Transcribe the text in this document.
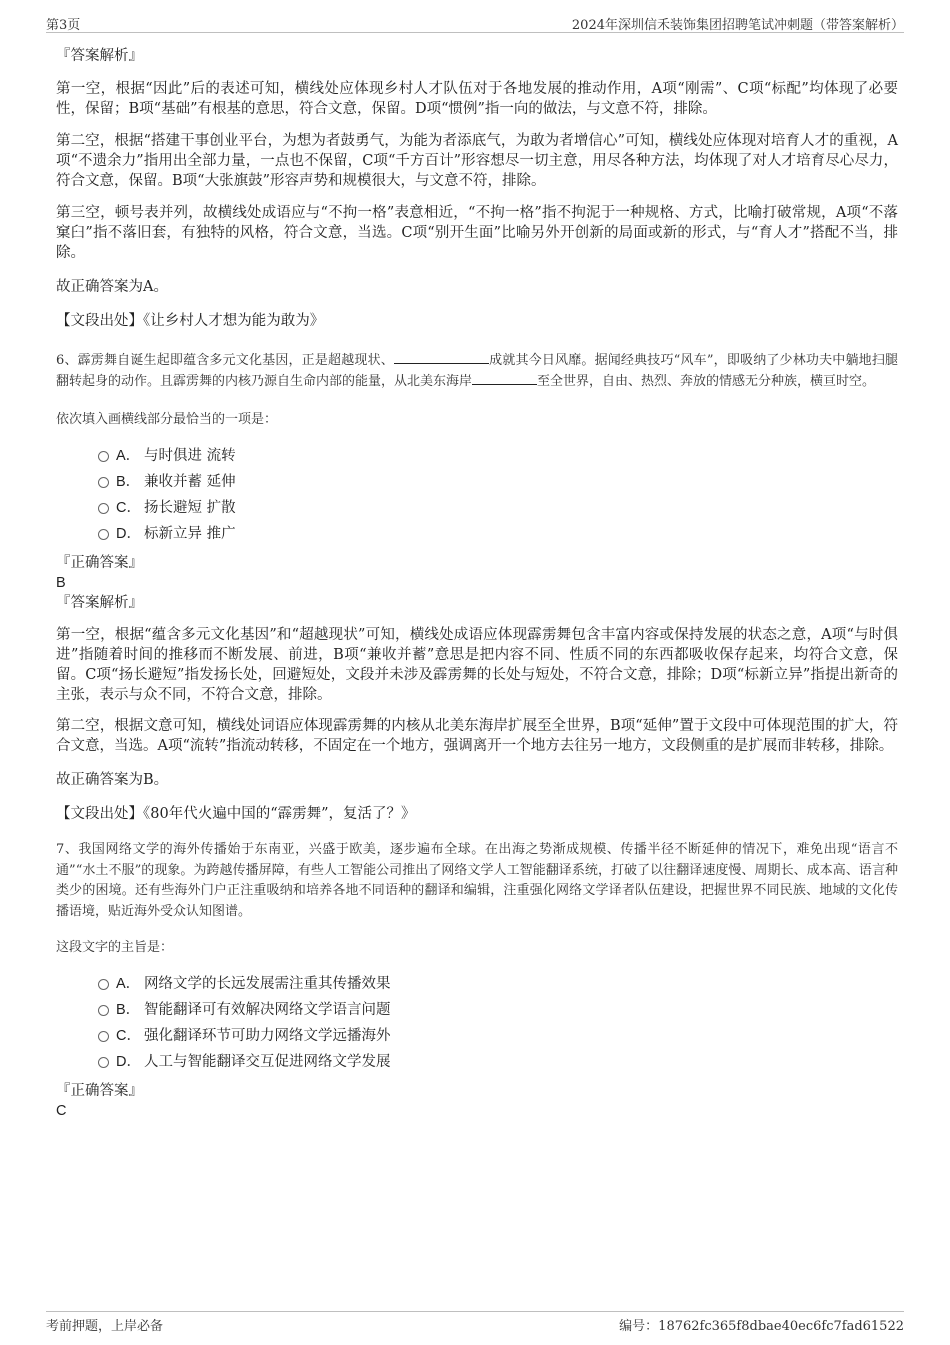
第3页	2024年深圳信禾装饰集团招聘笔试冲刺题（带答案解析）

『答案解析』

第一空，根据“因此”后的表述可知，横线处应体现乡村人才队伍对于各地发展的推动作用，A项“刚需”、C项“标配”均体现了必要性，保留；B项“基础”有根基的意思，符合文意，保留。D项“惯例”指一向的做法，与文意不符，排除。

第二空，根据“搭建干事创业平台，为想为者鼓勇气，为能为者添底气，为敢为者增信心”可知，横线处应体现对培育人才的重视，A项“不遗余力”指用出全部力量，一点也不保留，C项“千方百计”形容想尽一切主意，用尽各种方法，均体现了对人才培育尽心尽力，符合文意，保留。B项“大张旗鼓”形容声势和规模很大，与文意不符，排除。

第三空，顿号表并列，故横线处成语应与“不拘一格”表意相近，“不拘一格”指不拘泥于一种规格、方式，比喻打破常规，A项“不落窠臼”指不落旧套，有独特的风格，符合文意，当选。C项“别开生面”比喻另外开创新的局面或新的形式，与“育人才”搭配不当，排除。

故正确答案为A。

【文段出处】《让乡村人才想为能为敢为》

6、霹雳舞自诞生起即蕴含多元文化基因，正是超越现状、	成就其今日风靡。据闻经典技巧“风车”，即吸纳了少林功夫中躺地扫腿翻转起身的动作。且霹雳舞的内核乃源自生命内部的能量，从北美东海岸	至全世界，自由、热烈、奔放的情感无分种族，横亘时空。

依次填入画横线部分最恰当的一项是：

A． 与时俱进 流转
B． 兼收并蓄 延伸
C． 扬长避短 扩散
D． 标新立异 推广

『正确答案』

B

『答案解析』

第一空，根据“蕴含多元文化基因”和“超越现状”可知，横线处成语应体现霹雳舞包含丰富内容或保持发展的状态之意，A项“与时俱进”指随着时间的推移而不断发展、前进，B项“兼收并蓄”意思是把内容不同、性质不同的东西都吸收保存起来，均符合文意，保留。C项“扬长避短”指发扬长处，回避短处，文段并未涉及霹雳舞的长处与短处，不符合文意，排除；D项“标新立异”指提出新奇的主张，表示与众不同，不符合文意，排除。

第二空，根据文意可知，横线处词语应体现霹雳舞的内核从北美东海岸扩展至全世界，B项“延伸”置于文段中可体现范围的扩大，符合文意，当选。A项“流转”指流动转移，不固定在一个地方，强调离开一个地方去往另一地方，文段侧重的是扩展而非转移，排除。

故正确答案为B。

【文段出处】《80年代火遍中国的“霹雳舞”，复活了？》

7、我国网络文学的海外传播始于东南亚，兴盛于欧美，逐步遍布全球。在出海之势渐成规模、传播半径不断延伸的情况下，难免出现“语言不通”“水土不服”的现象。为跨越传播屏障，有些人工智能公司推出了网络文学人工智能翻译系统，打破了以往翻译速度慢、周期长、成本高、语言种类少的困境。还有些海外门户正注重吸纳和培养各地不同语种的翻译和编辑，注重强化网络文学译者队伍建设，把握世界不同民族、地域的文化传播语境，贴近海外受众认知图谱。

这段文字的主旨是：

A． 网络文学的长远发展需注重其传播效果
B． 智能翻译可有效解决网络文学语言问题
C． 强化翻译环节可助力网络文学远播海外
D． 人工与智能翻译交互促进网络文学发展

『正确答案』

C

考前押题，上岸必备	编号：18762fc365f8dbae40ec6fc7fad61522
